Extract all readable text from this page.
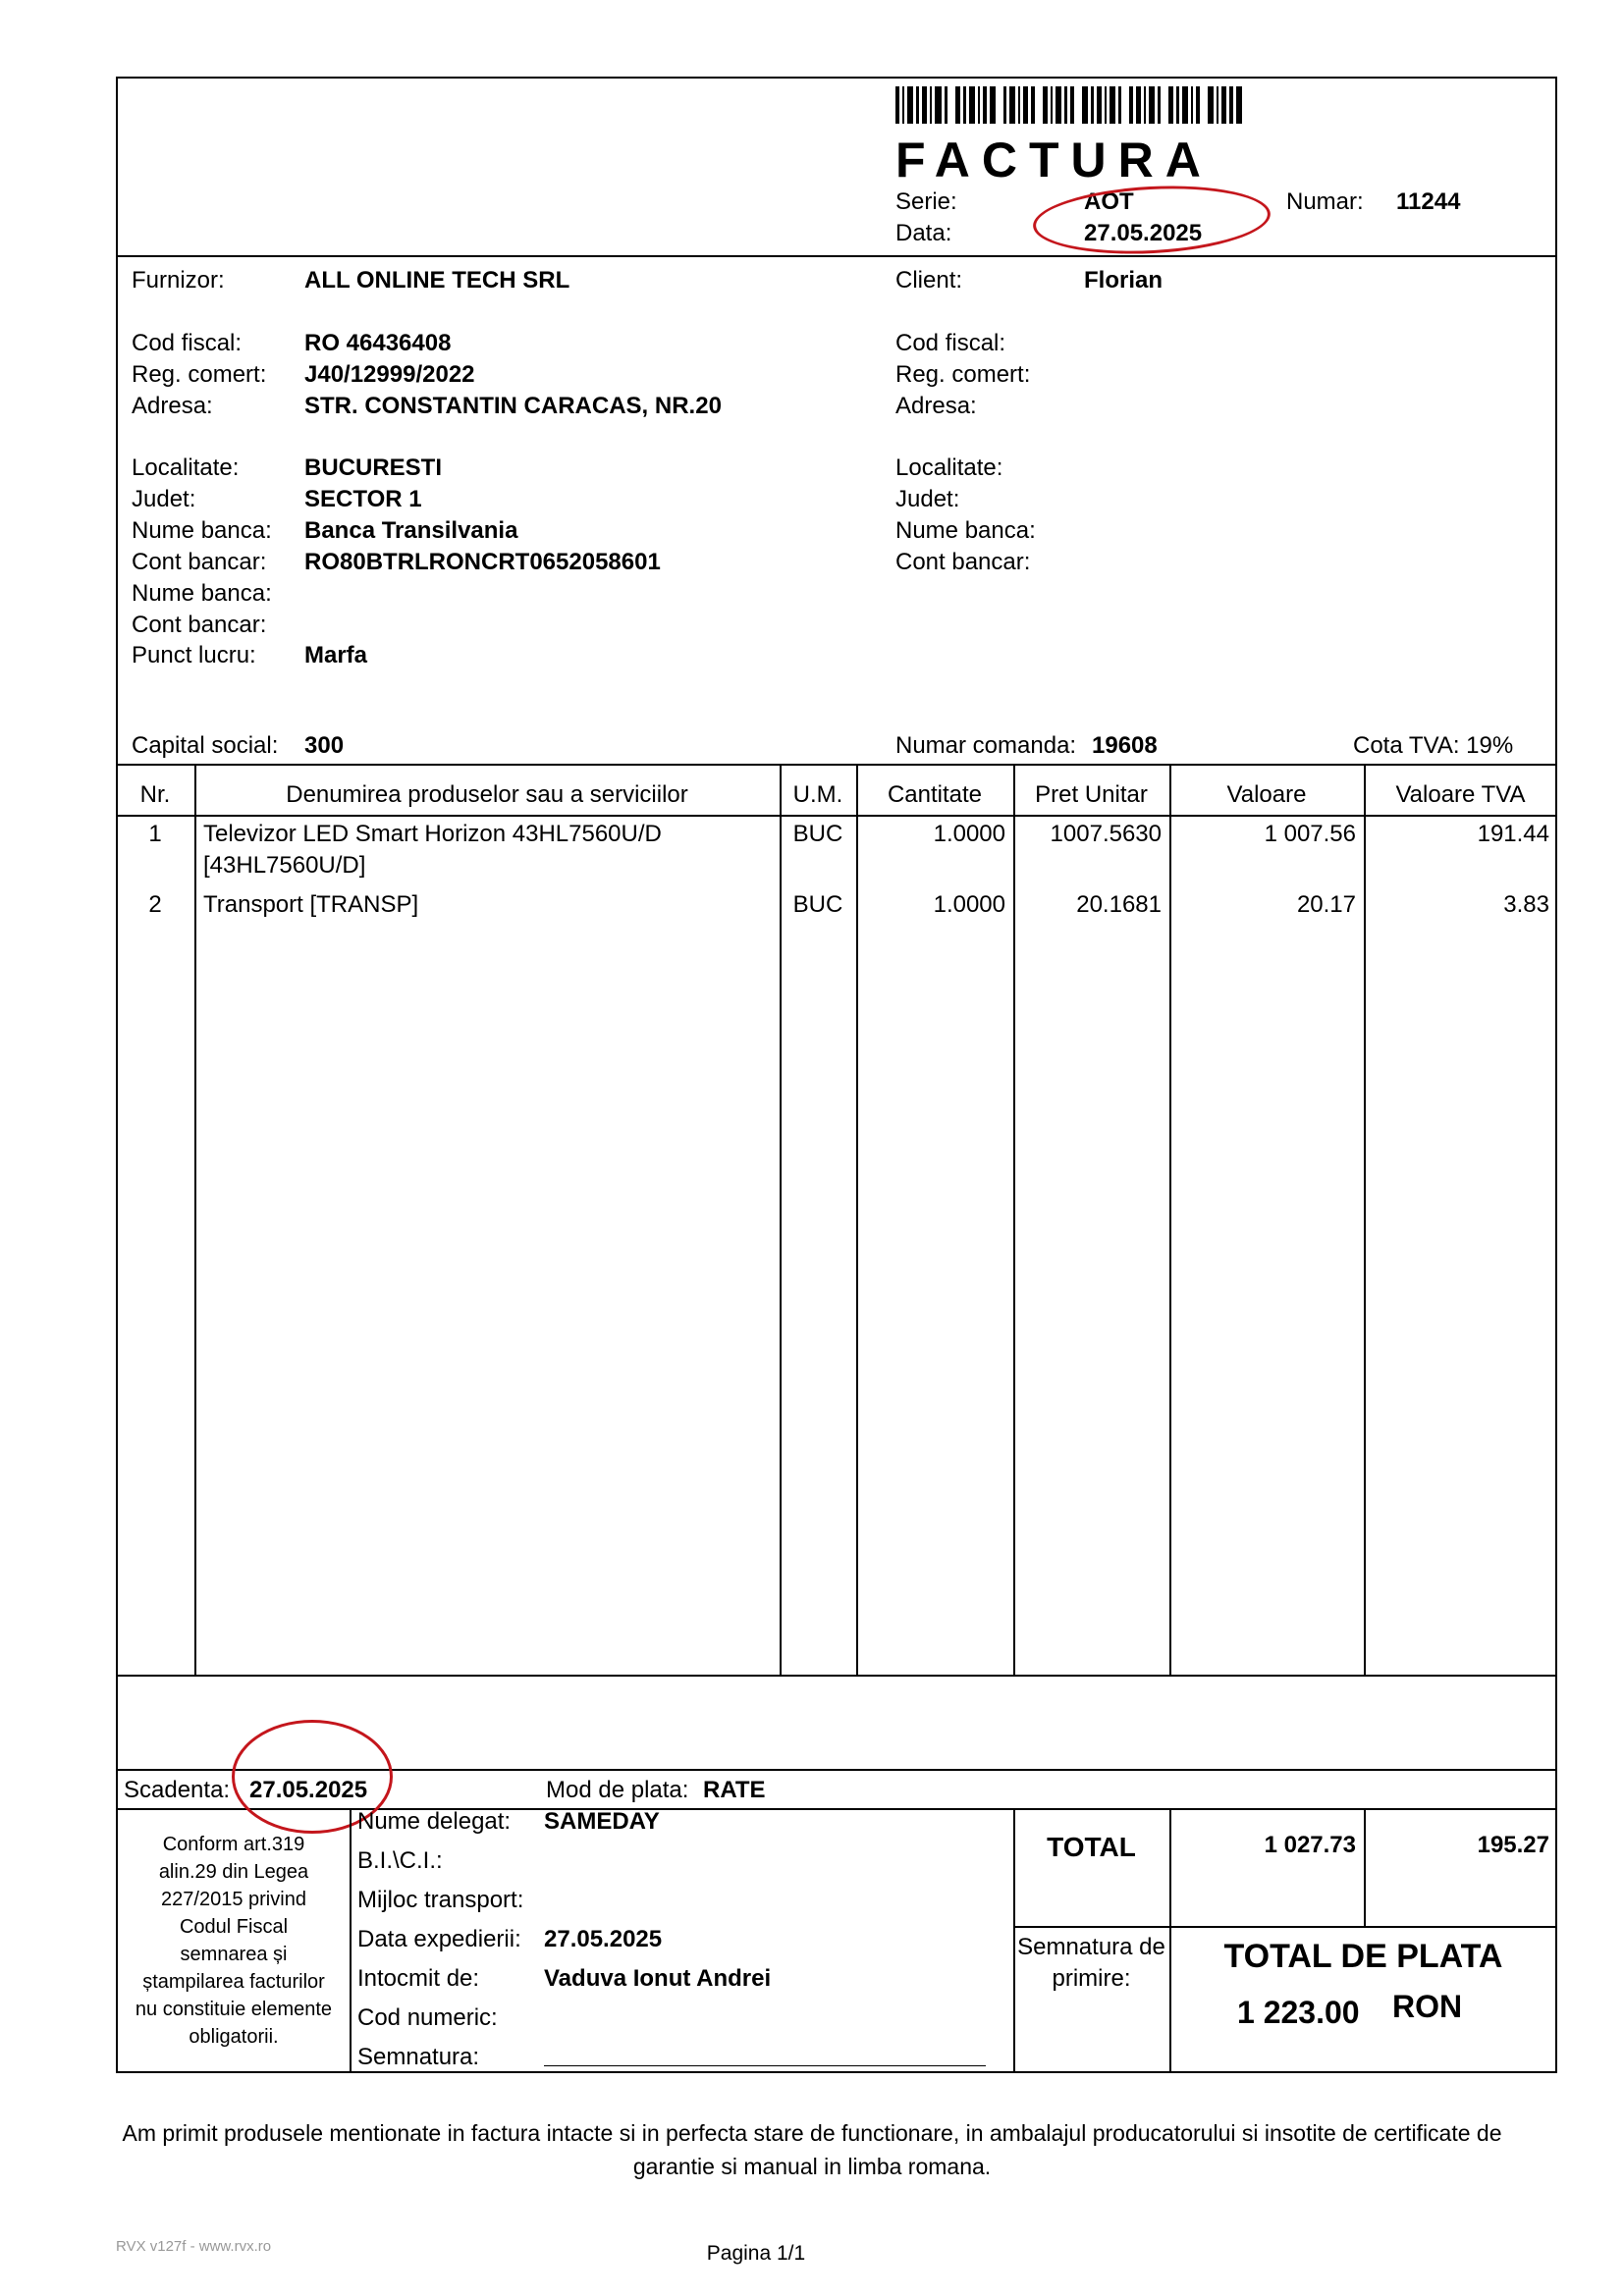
FACTURA
Serie:	AOT
Data:	27.05.2025
Numar: 11244
Furnizor:	ALL ONLINE TECH SRL
Cod fiscal:	RO 46436408
Reg. comert: J40/12999/2022
Adresa:	STR. CONSTANTIN CARACAS, NR.20
Localitate:	BUCURESTI
Judet:	SECTOR 1
Nume banca: Banca Transilvania
Cont bancar: RO80BTRLRONCRT0652058601
Nume banca:
Cont bancar:
Punct lucru: Marfa
Capital social: 300
Client:	Florian
Cod fiscal:
Reg. comert:
Adresa:
Localitate:
Judet:
Nume banca:
Cont bancar:
Numar comanda: 19608	Cota TVA: 19%
Nr.	Denumirea produselor sau a serviciilor	U.M.	Cantitate	Pret Unitar	Valoare	Valoare TVA
1	Televizor LED Smart Horizon 43HL7560U/D
[43HL7560U/D]
BUC	1.0000	1007.5630	1 007.56	191.44
2	Transport [TRANSP]	BUC	1.0000	20.1681	20.17	3.83
Scadenta: 27.05.2025	Mod de plata: RATE
Conform art.319
alin.29 din Legea
227/2015 privind
Codul Fiscal
semnarea și
ștampilarea facturilor
nu constituie elemente
obligatorii.
Nume delegat: SAMEDAY
B.I.\C.I.:
Mijloc transport:
Data expedierii: 27.05.2025
Intocmit de:	Vaduva Ionut Andrei
Cod numeric:
Semnatura:
TOTAL	1 027.73	195.27
Semnatura de
primire:
TOTAL DE PLATA
1 223.00 RON
Am primit produsele mentionate in factura intacte si in perfecta stare de functionare, in ambalajul producatorului si insotite de certificate de
garantie si manual in limba romana.
RVX v127f - www.rvx.ro	Pagina 1/1
